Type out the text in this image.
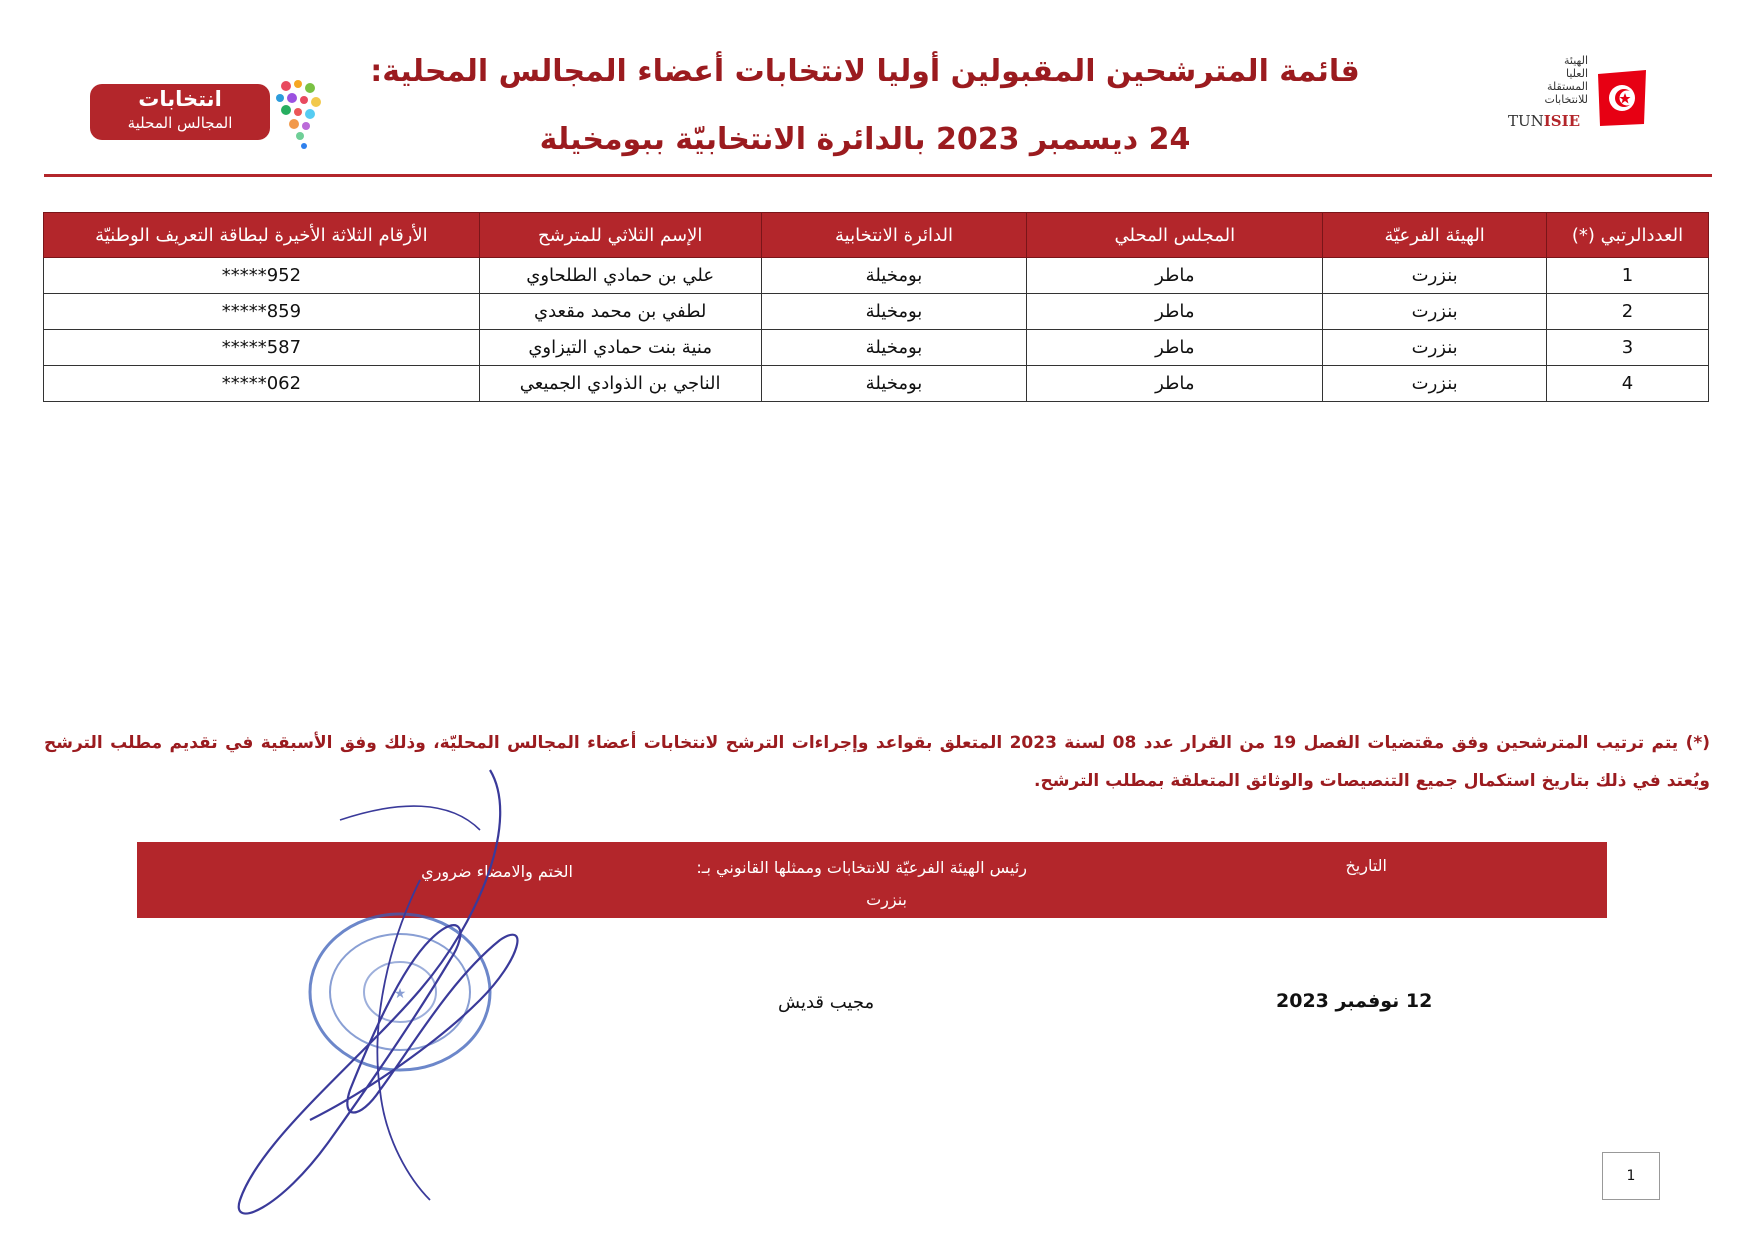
قائمة المترشحين المقبولين أوليا لانتخابات أعضاء المجالس المحلية:
24 ديسمبر 2023 بالدائرة الانتخابيّة ببومخيلة
انتخابات
المجالس المحلية
الهيئة
العليا
المستقلة
للانتخابات
TUNISIE
العددالرتبي (*)	الهيئة الفرعيّة	المجلس المحلي	الدائرة الانتخابية	الإسم الثلاثي للمترشح	الأرقام الثلاثة الأخيرة لبطاقة التعريف الوطنيّة
1	بنزرت	ماطر	بومخيلة	علي بن حمادي الطلحاوي	*****952
2	بنزرت	ماطر	بومخيلة	لطفي بن محمد مقعدي	*****859
3	بنزرت	ماطر	بومخيلة	منية بنت حمادي التيزاوي	*****587
4	بنزرت	ماطر	بومخيلة	الناجي بن الذوادي الجميعي	*****062
(*) يتم ترتيب المترشحين وفق مقتضيات الفصل 19 من القرار عدد 08 لسنة 2023 المتعلق بقواعد وإجراءات الترشح لانتخابات أعضاء المجالس المحليّة، وذلك وفق الأسبقية في تقديم مطلب الترشح ويُعتد في ذلك بتاريخ استكمال جميع التنصيصات والوثائق المتعلقة بمطلب الترشح.
التاريخ
رئيس الهيئة الفرعيّة للانتخابات وممثلها القانوني بـ:
بنزرت
الختم والامضاء ضروري
12 نوفمبر 2023
مجيب قديش
★
1
